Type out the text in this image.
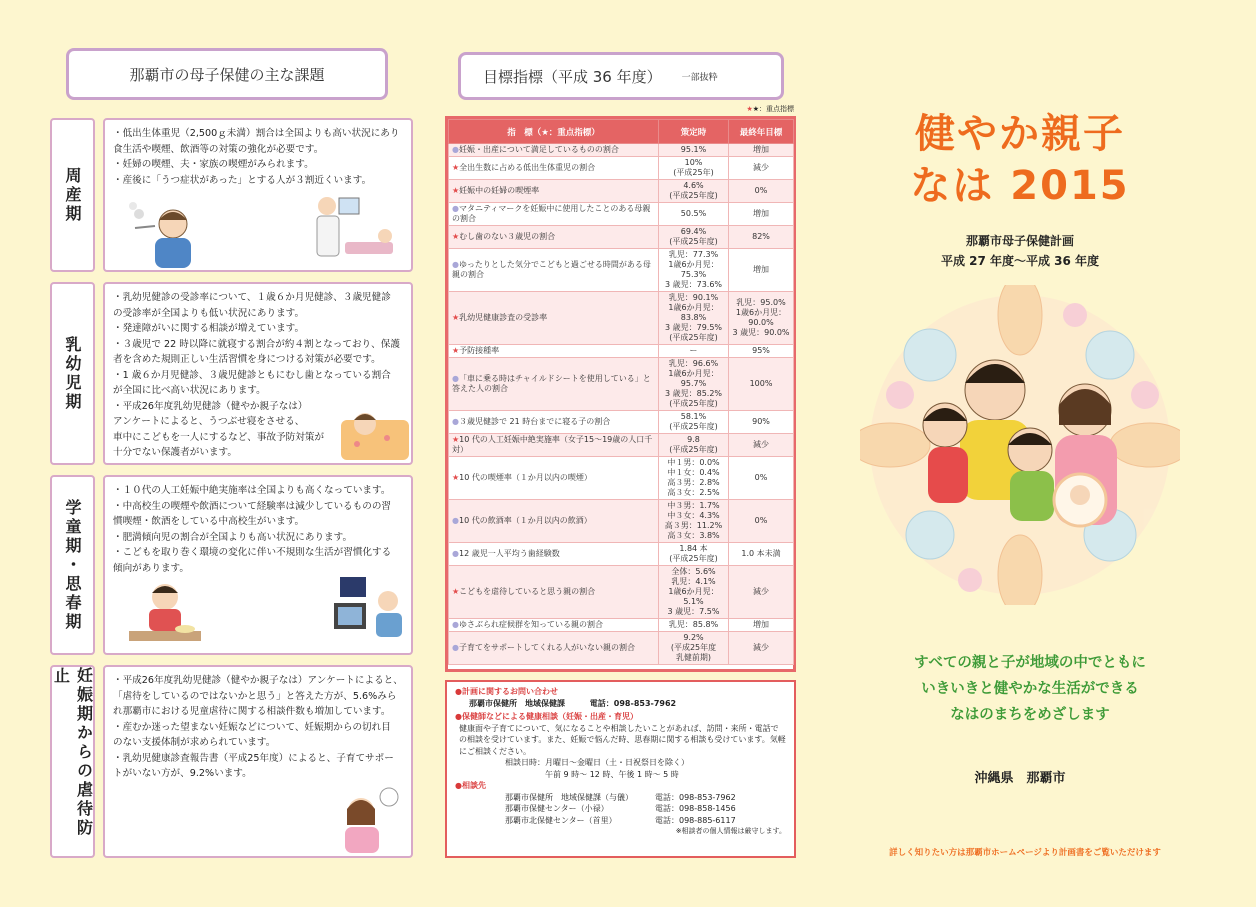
那覇市の母子保健の主な課題
周産期

・低出生体重児（2,500ｇ未満）割合は全国よりも高い状況にあり

食生活や喫煙、飲酒等の対策の強化が必要です。

・妊婦の喫煙、夫・家族の喫煙がみられます。

・産後に「うつ症状があった」とする人が３割近くいます。

乳幼児期

・乳幼児健診の受診率について、１歳６か月児健診、３歳児健診

の受診率が全国よりも低い状況にあります。

・発達障がいに関する相談が増えています。

・３歳児で 22 時以降に就寝する割合が約４割となっており、保護

者を含めた規則正しい生活習慣を身につける対策が必要です。

・1 歳６か月児健診、３歳児健診ともにむし歯となっている割合

が全国に比べ高い状況にあります。

・平成26年度乳幼児健診（健やか親子なは）

アンケートによると、うつぶせ寝をさせる、

車中にこどもを一人にするなど、事故予防対策が

十分でない保護者がいます。

学童期・思春期

・１０代の人工妊娠中絶実施率は全国よりも高くなっています。

・中高校生の喫煙や飲酒について経験率は減少しているものの習

慣喫煙・飲酒をしている中高校生がいます。

・肥満傾向児の割合が全国よりも高い状況にあります。

・こどもを取り巻く環境の変化に伴い不規則な生活が習慣化する

傾向があります。

妊娠期からの虐待防止	・平成26年度乳幼児健診（健やか親子なは）アンケートによると、

「虐待をしているのではないかと思う」と答えた方が、5.6%みら

れ那覇市における児童虐待に関する相談件数も増加しています。

・産むか迷った望まない妊娠などについて、妊娠期からの切れ目

のない支援体制が求められています。

・乳幼児健康診査報告書（平成25年度）によると、子育てサポー

トがいない方が、9.2%います。

目標指標（平成 36 年度） 一部抜粋
★★：重点指標
指　標（★：重点指標）	策定時	最終年目標
●妊娠・出産について満足しているものの割合	95.1%	増加
★全出生数に占める低出生体重児の割合	10%
(平成25年)	減少
★妊娠中の妊婦の喫煙率	4.6%
(平成25年度)	0%
●マタニティマークを妊娠中に使用したことのある母親の割合	50.5%	増加
★むし歯のない３歳児の割合	69.4%
(平成25年度)	82%
●ゆったりとした気分でこどもと過ごせる時間がある母親の割合	乳児：77.3%
1歳6か月児：75.3%
3 歳児：73.6%	増加
★乳幼児健康診査の受診率	乳児：90.1%
1歳6か月児：83.8%
3 歳児：79.5%
(平成25年度)	乳児：95.0%
1歳6か月児：90.0%
3 歳児：90.0%
★予防接種率	ー	95%
●「車に乗る時はチャイルドシートを使用している」と答えた人の割合	乳児：96.6%
1歳6か月児：95.7%
3 歳児：85.2%
(平成25年度)	100%
●３歳児健診で 21 時台までに寝る子の割合	58.1%
(平成25年度)	90%
★10 代の人工妊娠中絶実施率（女子15～19歳の人口千対）	9.8
(平成25年度)	減少
★10 代の喫煙率（１か月以内の喫煙）	中１男：0.0%
中１女：0.4%
高３男：2.8%
高３女：2.5%	0%
●10 代の飲酒率（１か月以内の飲酒）	中３男：1.7%
中３女：4.3%
高３男：11.2%
高３女：3.8%	0%
●12 歳児一人平均う歯経験数	1.84 本
(平成25年度)	1.0 本未満
★こどもを虐待していると思う親の割合	全体：5.6%
乳児：4.1%
1歳6か月児：5.1%
3 歳児：7.5%	減少
●ゆさぶられ症候群を知っている親の割合	乳児：85.8%	増加
●子育てをサポートしてくれる人がいない親の割合	9.2%
(平成25年度
乳健前期)	減少
●計画に関するお問い合わせ
那覇市保健所　地域保健課	電話：098-853-7962
●保健師などによる健康相談（妊娠・出産・育児）
健康面や子育てについて、気になることや相談したいことがあれば、訪問・来所・電話での相談を受けています。また、妊娠で悩んだ時、思春期に関する相談も受けています。気軽にご相談ください。
相談日時：月曜日～金曜日（土・日祝祭日を除く）
午前 9 時～ 12 時、午後 1 時～ 5 時
●相談先
那覇市保健所　地域保健課（与儀）	電話：098-853-7962
那覇市保健センター（小禄）	電話：098-858-1456
那覇市北保健センター（首里）	電話：098-885-6117
※相談者の個人情報は厳守します。
健やか親子
なは 2015
那覇市母子保健計画
平成 27 年度～平成 36 年度
すべての親と子が地域の中でともに
いきいきと健やかな生活ができる
なはのまちをめざします
沖縄県　那覇市
詳しく知りたい方は那覇市ホームページより計画書をご覧いただけます
